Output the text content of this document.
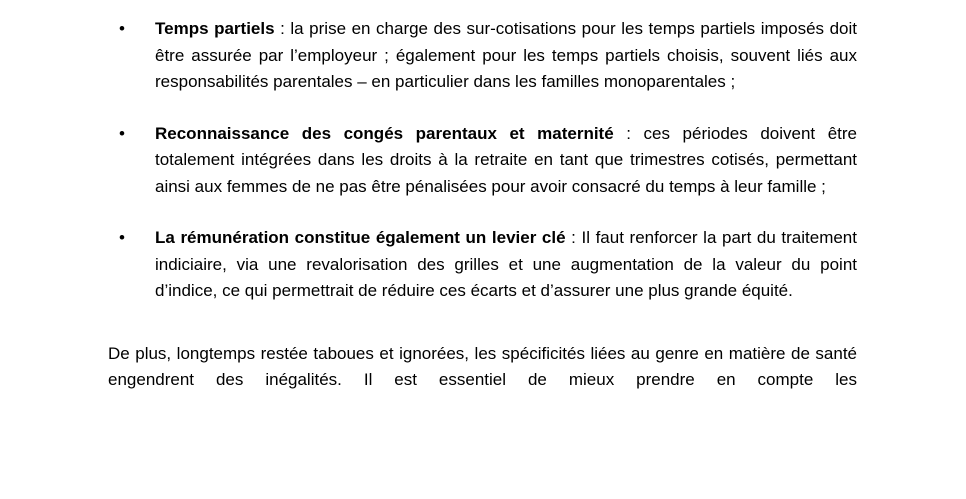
• Temps partiels : la prise en charge des sur-cotisations pour les temps partiels imposés doit être assurée par l’employeur ; également pour les temps partiels choisis, souvent liés aux responsabilités parentales – en particulier dans les familles monoparentales ;
• Reconnaissance des congés parentaux et maternité : ces périodes doivent être totalement intégrées dans les droits à la retraite en tant que trimestres cotisés, permettant ainsi aux femmes de ne pas être pénalisées pour avoir consacré du temps à leur famille ;
• La rémunération constitue également un levier clé : Il faut renforcer la part du traitement indiciaire, via une revalorisation des grilles et une augmentation de la valeur du point d’indice, ce qui permettrait de réduire ces écarts et d’assurer une plus grande équité.

De plus, longtemps restée taboues et ignorées, les spécificités liées au genre en matière de santé engendrent des inégalités. Il est essentiel de mieux prendre en compte les
